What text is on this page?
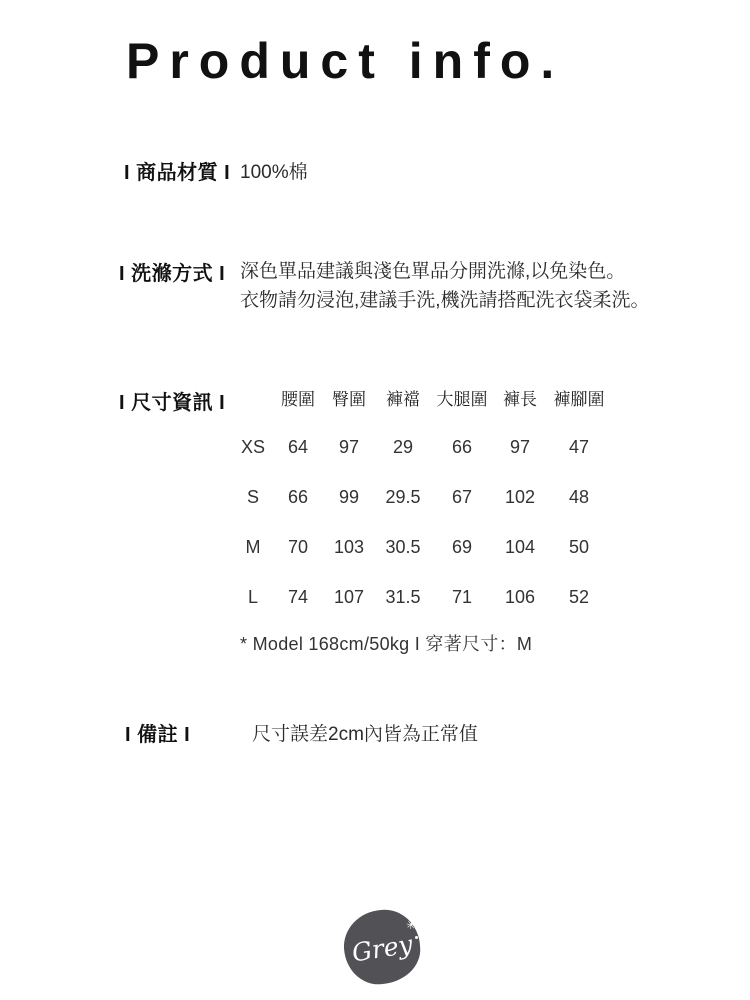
Product info.
I 商品材質 I 100%棉
I 洗滌方式 I 深色單品建議與淺色單品分開洗滌,以免染色。
衣物請勿浸泡,建議手洗,機洗請搭配洗衣袋柔洗。
I 尺寸資訊 I
		腰圍	臀圍	褲襠	大腿圍	褲長	褲腳圍
XS	64	97	29	66	97	47
S	66	99	29.5	67	102	48
M	70	103	30.5	69	104	50
L	74	107	31.5	71	106	52
* Model 168cm/50kg I 穿著尺寸：M
I 備註 I	尺寸誤差2cm內皆為正常值
Grey
✳
